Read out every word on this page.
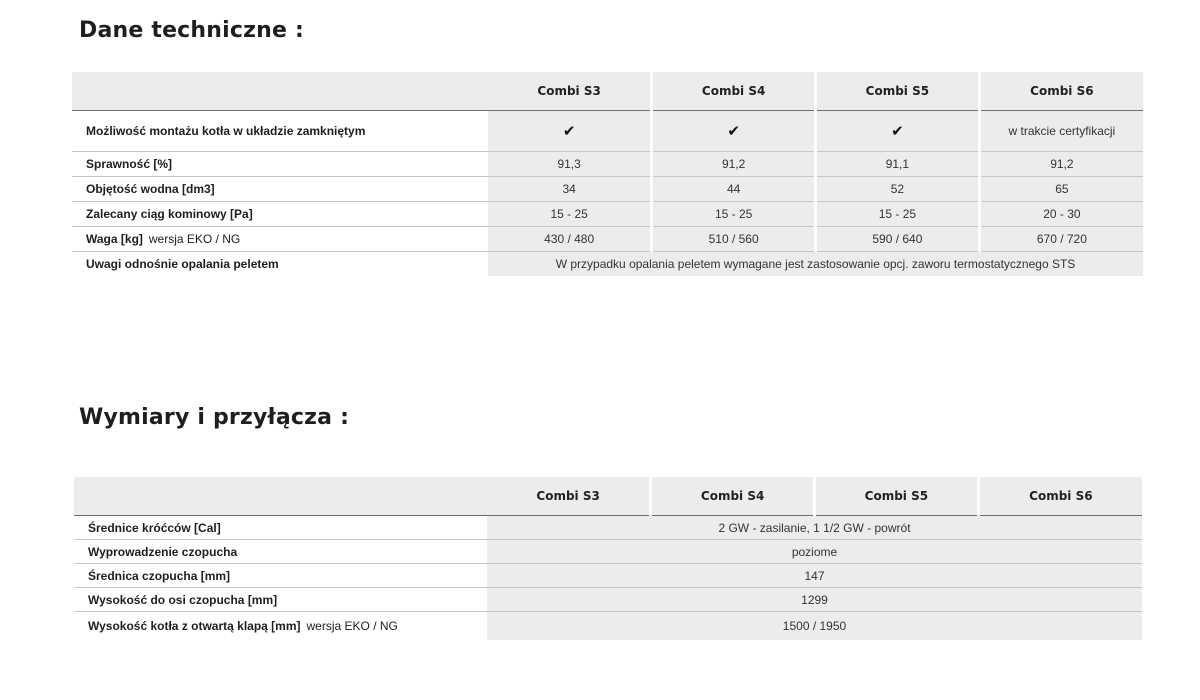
Dane techniczne :
	Combi S3	Combi S4	Combi S5	Combi S6
Możliwość montażu kotła w układzie zamkniętym	✔	✔	✔	w trakcie certyfikacji
Sprawność [%]	91,3	91,2	91,1	91,2
Objętość wodna [dm3]	34	44	52	65
Zalecany ciąg kominowy [Pa]	15 - 25	15 - 25	15 - 25	20 - 30
Waga [kg] wersja EKO / NG	430 / 480	510 / 560	590 / 640	670 / 720
Uwagi odnośnie opalania peletem	W przypadku opalania peletem wymagane jest zastosowanie opcj. zaworu termostatycznego STS			
Wymiary i przyłącza :
	Combi S3	Combi S4	Combi S5	Combi S6
Średnice króćców [Cal]	2 GW - zasilanie, 1 1/2 GW - powrót			
Wyprowadzenie czopucha	poziome			
Średnica czopucha [mm]	147			
Wysokość do osi czopucha [mm]	1299			
Wysokość kotła z otwartą klapą [mm] wersja EKO / NG	1500 / 1950			
